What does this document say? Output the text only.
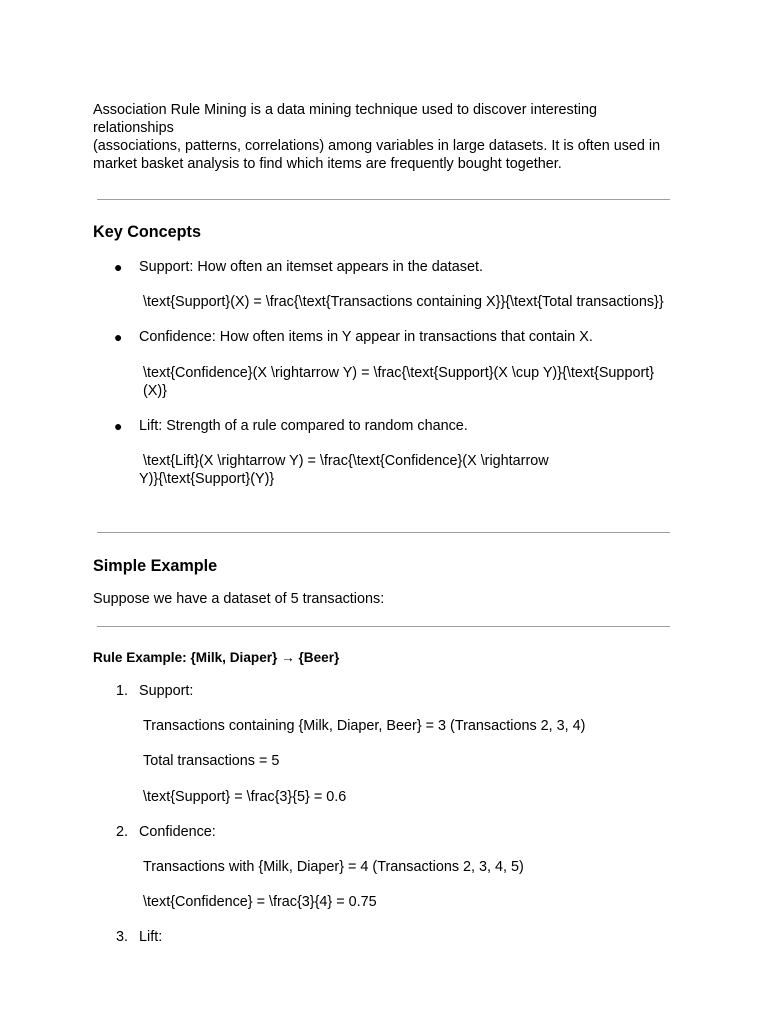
Association Rule Mining is a data mining technique used to discover interesting relationships
(associations, patterns, correlations) among variables in large datasets. It is often used in
market basket analysis to find which items are frequently bought together.

Key Concepts
● Support: How often an itemset appears in the dataset.
\text{Support}(X) = \frac{\text{Transactions containing X}}{\text{Total transactions}}
● Confidence: How often items in Y appear in transactions that contain X.
\text{Confidence}(X \rightarrow Y) = \frac{\text{Support}(X \cup Y)}{\text{Support}(X)}
● Lift: Strength of a rule compared to random chance.
\text{Lift}(X \rightarrow Y) = \frac{\text{Confidence}(X \rightarrow
Y)}{\text{Support}(Y)}
Simple Example
Suppose we have a dataset of 5 transactions:
Rule Example: {Milk, Diaper} → {Beer}
1. Support:
Transactions containing {Milk, Diaper, Beer} = 3 (Transactions 2, 3, 4)
Total transactions = 5
\text{Support} = \frac{3}{5} = 0.6
2. Confidence:
Transactions with {Milk, Diaper} = 4 (Transactions 2, 3, 4, 5)
\text{Confidence} = \frac{3}{4} = 0.75
3. Lift:
